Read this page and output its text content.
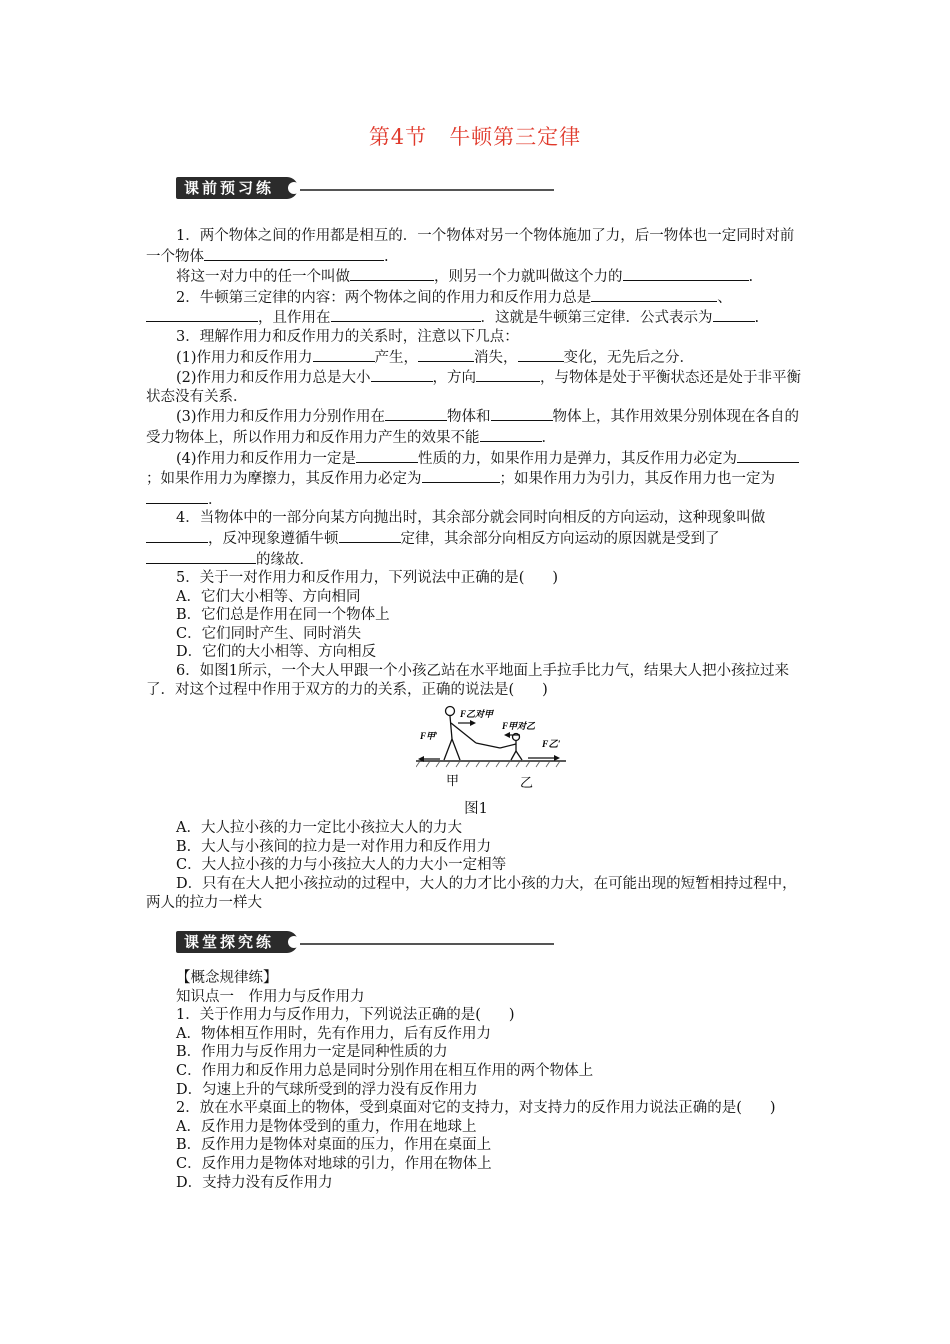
第4节 牛顿第三定律
课前预习练

1．两个物体之间的作用都是相互的．一个物体对另一个物体施加了力，后一物体也一定同时对前一个物体	.

将这一对力中的任一个叫做	，则另一个力就叫做这个力的	.

2．牛顿第三定律的内容：两个物体之间的作用力和反作用力总是	、，且作用在	．这就是牛顿第三定律．公式表示为	.

3．理解作用力和反作用力的关系时，注意以下几点：

(1)作用力和反作用力	产生，	消失，	变化，无先后之分．

(2)作用力和反作用力总是大小	，方向	，与物体是处于平衡状态还是处于非平衡状态没有关系．

(3)作用力和反作用力分别作用在	物体和	物体上，其作用效果分别体现在各自的受力物体上，所以作用力和反作用力产生的效果不能	．

(4)作用力和反作用力一定是	性质的力，如果作用力是弹力，其反作用力必定为；如果作用力为摩擦力，其反作用力必定为	；如果作用力为引力，其反作用力也一定为．

4．当物体中的一部分向某方向抛出时，其余部分就会同时向相反的方向运动，这种现象叫做，反冲现象遵循牛顿	定律，其余部分向相反方向运动的原因就是受到了的缘故．

5．关于一对作用力和反作用力，下列说法中正确的是( )

A．它们大小相等、方向相同

B．它们总是作用在同一个物体上

C．它们同时产生、同时消失

D．它们的大小相等、方向相反

6．如图1所示，一个大人甲跟一个小孩乙站在水平地面上手拉手比力气，结果大人把小孩拉过来了．对这个过程中作用于双方的力的关系，正确的说法是( )

F乙对甲
F甲对乙
F甲′
F乙′
甲	乙
图1

A．大人拉小孩的力一定比小孩拉大人的力大

B．大人与小孩间的拉力是一对作用力和反作用力

C．大人拉小孩的力与小孩拉大人的力大小一定相等

D．只有在大人把小孩拉动的过程中，大人的力才比小孩的力大，在可能出现的短暂相持过程中，两人的拉力一样大

课堂探究练

【概念规律练】

知识点一　作用力与反作用力

1．关于作用力与反作用力，下列说法正确的是( )

A．物体相互作用时，先有作用力，后有反作用力

B．作用力与反作用力一定是同种性质的力

C．作用力和反作用力总是同时分别作用在相互作用的两个物体上

D．匀速上升的气球所受到的浮力没有反作用力

2．放在水平桌面上的物体，受到桌面对它的支持力，对支持力的反作用力说法正确的是( )

A．反作用力是物体受到的重力，作用在地球上

B．反作用力是物体对桌面的压力，作用在桌面上

C．反作用力是物体对地球的引力，作用在物体上

D．支持力没有反作用力
